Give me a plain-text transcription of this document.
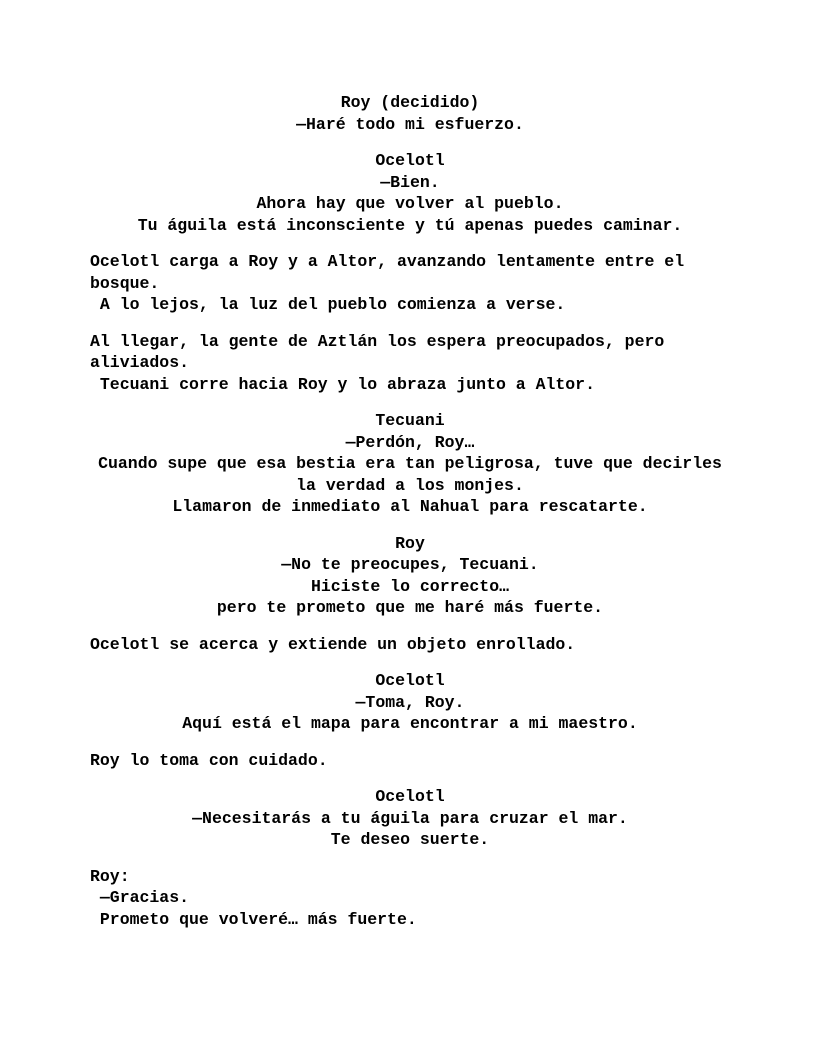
Roy (decidido)
—Haré todo mi esfuerzo.
Ocelotl
—Bien.
Ahora hay que volver al pueblo.
Tu águila está inconsciente y tú apenas puedes caminar.
Ocelotl carga a Roy y a Altor, avanzando lentamente entre el
bosque.
A lo lejos, la luz del pueblo comienza a verse.
Al llegar, la gente de Aztlán los espera preocupados, pero
aliviados.
Tecuani corre hacia Roy y lo abraza junto a Altor.
Tecuani
—Perdón, Roy…
Cuando supe que esa bestia era tan peligrosa, tuve que decirles
la verdad a los monjes.
Llamaron de inmediato al Nahual para rescatarte.
Roy
—No te preocupes, Tecuani.
Hiciste lo correcto…
pero te prometo que me haré más fuerte.
Ocelotl se acerca y extiende un objeto enrollado.
Ocelotl
—Toma, Roy.
Aquí está el mapa para encontrar a mi maestro.
Roy lo toma con cuidado.
Ocelotl
—Necesitarás a tu águila para cruzar el mar.
Te deseo suerte.
Roy:
—Gracias.
Prometo que volveré… más fuerte.
